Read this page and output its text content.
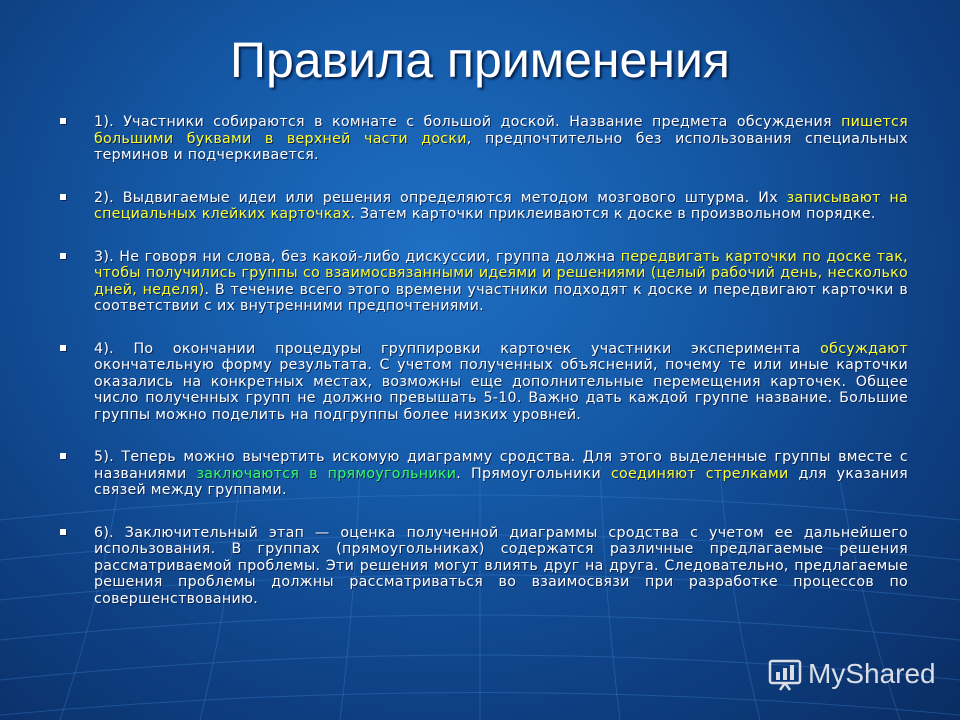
Правила применения
1). Участники собираются в комнате с большой доской. Название предмета обсуждения пишется большими буквами в верхней части доски, предпочтительно без использования специальных терминов и подчеркивается.
2). Выдвигаемые идеи или решения определяются методом мозгового штурма. Их записывают на специальных клейких карточках. Затем карточки приклеиваются к доске в произвольном порядке.
3). Не говоря ни слова, без какой-либо дискуссии, группа должна передвигать карточки по доске так, чтобы получились группы со взаимосвязанными идеями и решениями (целый рабочий день, несколько дней, неделя). В течение всего этого времени участники подходят к доске и передвигают карточки в соответствии с их внутренними предпочтениями.
4). По окончании процедуры группировки карточек участники эксперимента обсуждают окончательную форму результата. С учетом полученных объяснений, почему те или иные карточки оказались на конкретных местах, возможны еще дополнительные перемещения карточек. Общее число полученных групп не должно превышать 5-10. Важно дать каждой группе название. Большие группы можно поделить на подгруппы более низких уровней.
5). Теперь можно вычертить искомую диаграмму сродства. Для этого выделенные группы вместе с названиями заключаются в прямоугольники. Прямоугольники соединяют стрелками для указания связей между группами.
6). Заключительный этап — оценка полученной диаграммы сродства с учетом ее дальнейшего использования. В группах (прямоугольниках) содержатся различные предлагаемые решения рассматриваемой проблемы. Эти решения могут влиять друг на друга. Следовательно, предлагаемые решения проблемы должны рассматриваться во взаимосвязи при разработке процессов по совершенствованию.
MyShared
